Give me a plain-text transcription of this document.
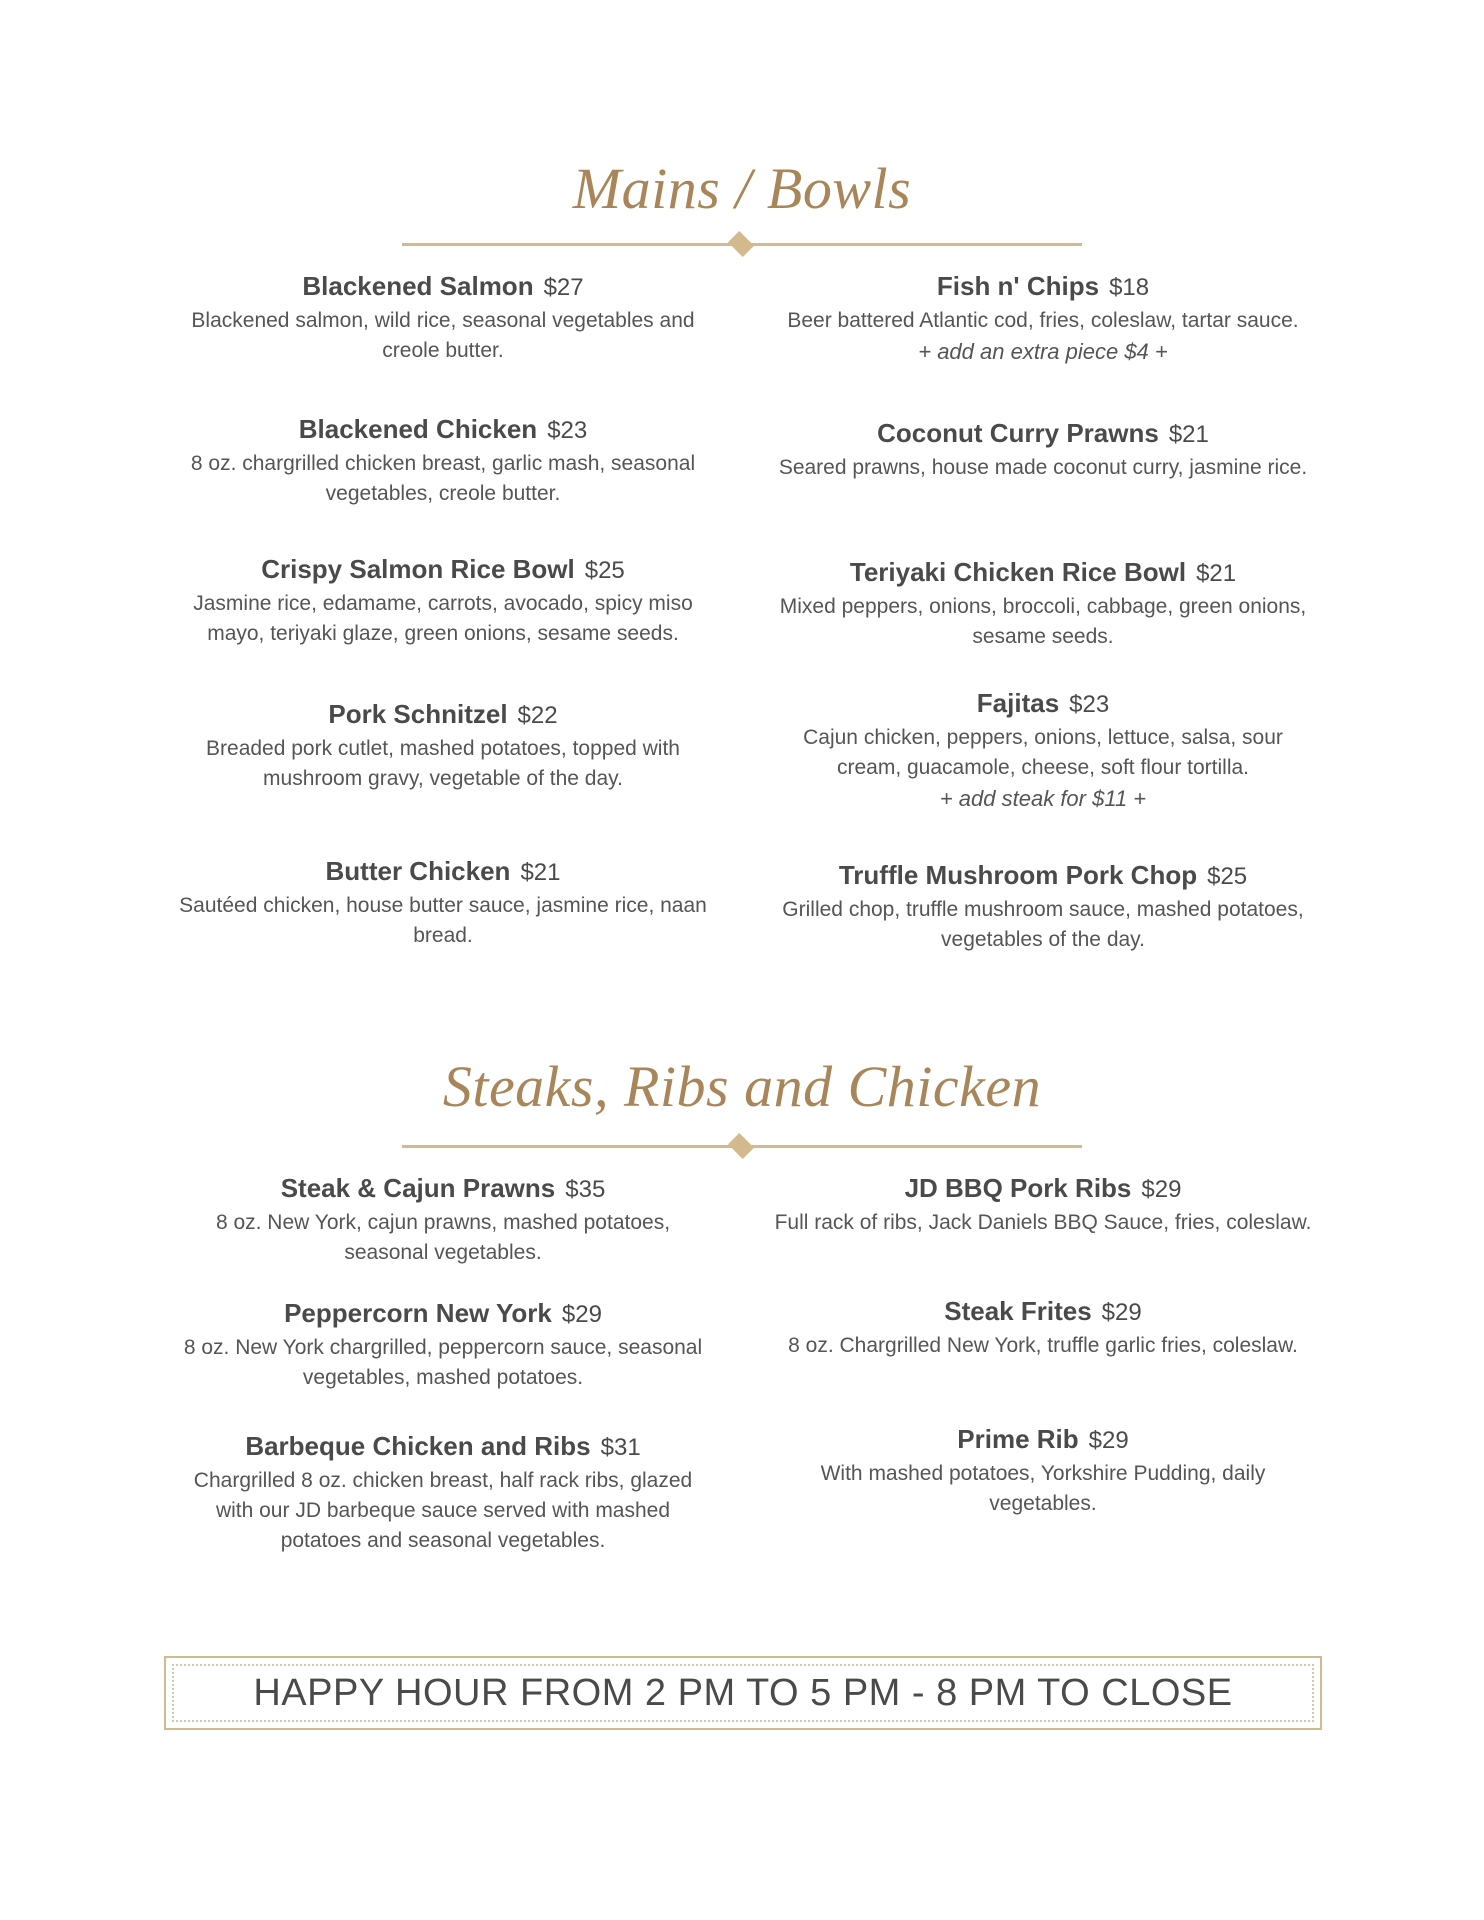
Mains / Bowls
Blackened Salmon $27
Blackened salmon, wild rice, seasonal vegetables and creole butter.
Fish n' Chips $18
Beer battered Atlantic cod, fries, coleslaw, tartar sauce.
+ add an extra piece $4 +
Blackened Chicken $23
8 oz. chargrilled chicken breast, garlic mash, seasonal vegetables, creole butter.
Coconut Curry Prawns $21
Seared prawns, house made coconut curry, jasmine rice.
Crispy Salmon Rice Bowl $25
Jasmine rice, edamame, carrots, avocado, spicy miso mayo, teriyaki glaze, green onions, sesame seeds.
Teriyaki Chicken Rice Bowl $21
Mixed peppers, onions, broccoli, cabbage, green onions, sesame seeds.
Pork Schnitzel $22
Breaded pork cutlet, mashed potatoes, topped with mushroom gravy, vegetable of the day.
Fajitas $23
Cajun chicken, peppers, onions, lettuce, salsa, sour cream, guacamole, cheese, soft flour tortilla.
+ add steak for $11 +
Butter Chicken $21
Sautéed chicken, house butter sauce, jasmine rice, naan bread.
Truffle Mushroom Pork Chop $25
Grilled chop, truffle mushroom sauce, mashed potatoes, vegetables of the day.
Steaks, Ribs and Chicken
Steak & Cajun Prawns $35
8 oz. New York, cajun prawns, mashed potatoes, seasonal vegetables.
JD BBQ Pork Ribs $29
Full rack of ribs, Jack Daniels BBQ Sauce, fries, coleslaw.
Peppercorn New York $29
8 oz. New York chargrilled, peppercorn sauce, seasonal vegetables, mashed potatoes.
Steak Frites $29
8 oz. Chargrilled New York, truffle garlic fries, coleslaw.
Barbeque Chicken and Ribs $31
Chargrilled 8 oz. chicken breast, half rack ribs, glazed with our JD barbeque sauce served with mashed potatoes and seasonal vegetables.
Prime Rib $29
With mashed potatoes, Yorkshire Pudding, daily vegetables.
HAPPY HOUR FROM 2 PM TO 5 PM - 8 PM TO CLOSE
